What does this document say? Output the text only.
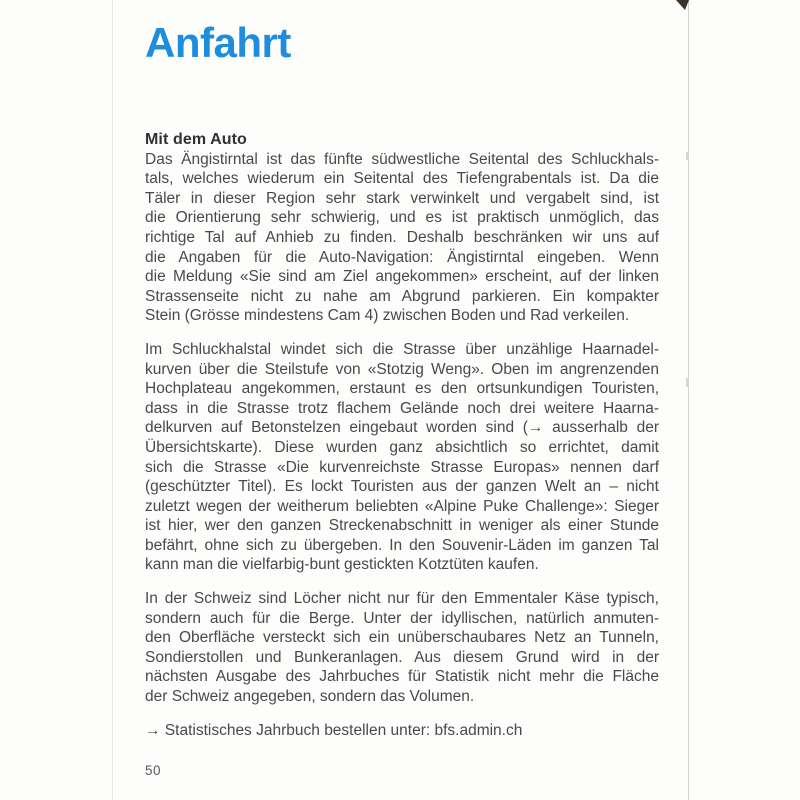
Anfahrt
Mit dem Auto
Das Ängistirntal ist das fünfte südwestliche Seitental des Schluckhals-
tals, welches wiederum ein Seitental des Tiefengrabentals ist. Da die
Täler in dieser Region sehr stark verwinkelt und vergabelt sind, ist
die Orientierung sehr schwierig, und es ist praktisch unmöglich, das
richtige Tal auf Anhieb zu finden. Deshalb beschränken wir uns auf
die Angaben für die Auto-Navigation: Ängistirntal eingeben. Wenn
die Meldung «Sie sind am Ziel angekommen» erscheint, auf der linken
Strassenseite nicht zu nahe am Abgrund parkieren. Ein kompakter
Stein (Grösse mindestens Cam 4) zwischen Boden und Rad verkeilen.
Im Schluckhalstal windet sich die Strasse über unzählige Haarnadel-
kurven über die Steilstufe von «Stotzig Weng». Oben im angrenzenden
Hochplateau angekommen, erstaunt es den ortsunkundigen Touristen,
dass in die Strasse trotz flachem Gelände noch drei weitere Haarna-
delkurven auf Betonstelzen eingebaut worden sind (→ ausserhalb der
Übersichtskarte). Diese wurden ganz absichtlich so errichtet, damit
sich die Strasse «Die kurvenreichste Strasse Europas» nennen darf
(geschützter Titel). Es lockt Touristen aus der ganzen Welt an – nicht
zuletzt wegen der weitherum beliebten «Alpine Puke Challenge»: Sieger
ist hier, wer den ganzen Streckenabschnitt in weniger als einer Stunde
befährt, ohne sich zu übergeben. In den Souvenir-Läden im ganzen Tal
kann man die vielfarbig-bunt gestickten Kotztüten kaufen.
In der Schweiz sind Löcher nicht nur für den Emmentaler Käse typisch,
sondern auch für die Berge. Unter der idyllischen, natürlich anmuten-
den Oberfläche versteckt sich ein unüberschaubares Netz an Tunneln,
Sondierstollen und Bunkeranlagen. Aus diesem Grund wird in der
nächsten Ausgabe des Jahrbuches für Statistik nicht mehr die Fläche
der Schweiz angegeben, sondern das Volumen.
→ Statistisches Jahrbuch bestellen unter: bfs.admin.ch
50
